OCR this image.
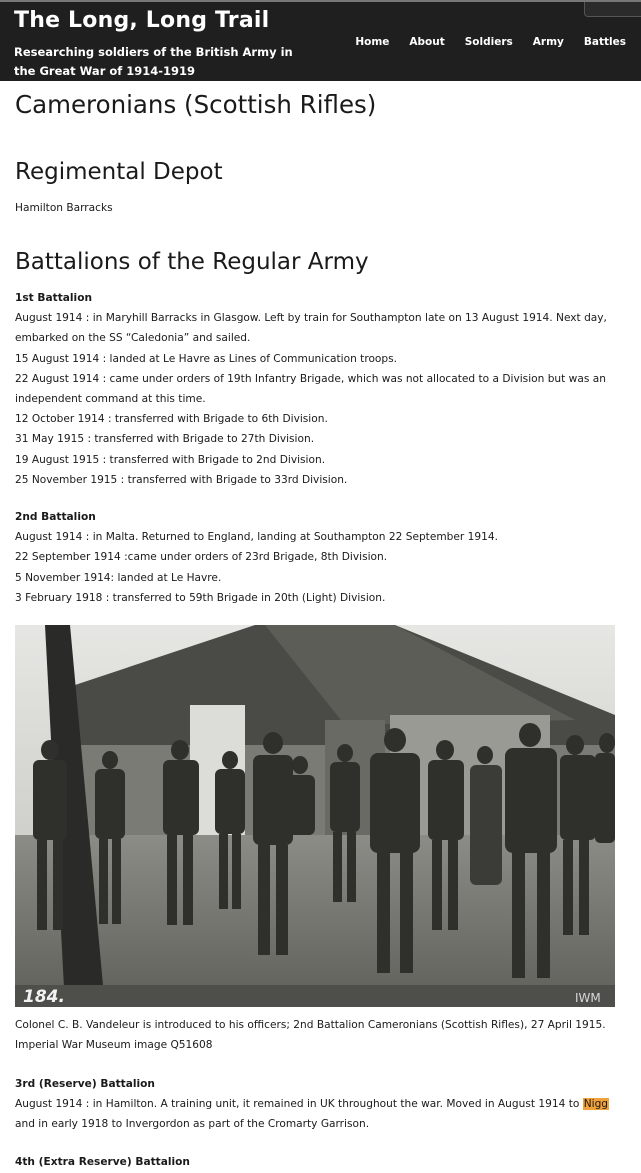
The Long, Long Trail
Researching soldiers of the British Army in the Great War of 1914-1919
Home About Soldiers Army Battles
Cameronians (Scottish Rifles)
Regimental Depot
Hamilton Barracks
Battalions of the Regular Army
1st Battalion
August 1914 : in Maryhill Barracks in Glasgow. Left by train for Southampton late on 13 August 1914. Next day,
embarked on the SS “Caledonia” and sailed.
15 August 1914 : landed at Le Havre as Lines of Communication troops.
22 August 1914 : came under orders of 19th Infantry Brigade, which was not allocated to a Division but was an
independent command at this time.
12 October 1914 : transferred with Brigade to 6th Division.
31 May 1915 : transferred with Brigade to 27th Division.
19 August 1915 : transferred with Brigade to 2nd Division.
25 November 1915 : transferred with Brigade to 33rd Division.
2nd Battalion
August 1914 : in Malta. Returned to England, landing at Southampton 22 September 1914.
22 September 1914 :came under orders of 23rd Brigade, 8th Division.
5 November 1914: landed at Le Havre.
3 February 1918 : transferred to 59th Brigade in 20th (Light) Division.
184.	IWM
Colonel C. B. Vandeleur is introduced to his officers; 2nd Battalion Cameronians (Scottish Rifles), 27 April 1915.
Imperial War Museum image Q51608
3rd (Reserve) Battalion
August 1914 : in Hamilton. A training unit, it remained in UK throughout the war. Moved in August 1914 to Nigg
and in early 1918 to Invergordon as part of the Cromarty Garrison.
4th (Extra Reserve) Battalion
